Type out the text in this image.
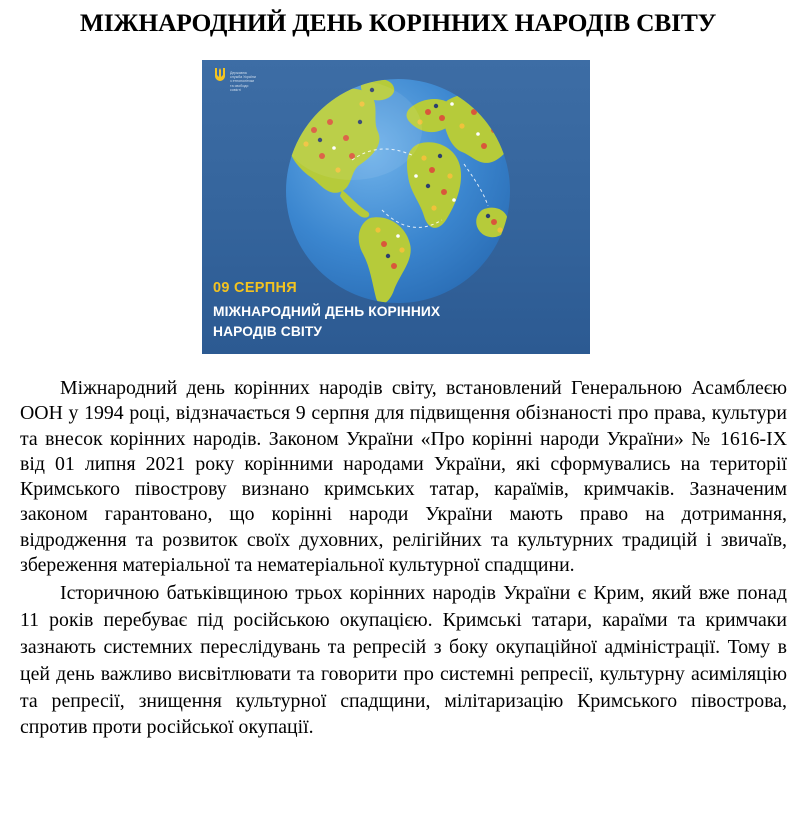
МІЖНАРОДНИЙ ДЕНЬ КОРІННИХ НАРОДІВ СВІТУ
Державна служба України з етнополітики та свободи совісті
09 СЕРПНЯ
МІЖНАРОДНИЙ ДЕНЬ КОРІННИХ
НАРОДІВ СВІТУ

Міжнародний день корінних народів світу, встановлений Генеральною Асамблеєю ООН у 1994 році, відзначається 9 серпня для підвищення обізнаності про права, культури та внесок корінних народів. Законом України «Про корінні народи України» № 1616-IX від 01 липня 2021 року корінними народами України, які сформувались на території Кримського півострову визнано кримських татар, караїмів, кримчаків. Зазначеним законом гарантовано, що корінні народи України мають право на дотримання, відродження та розвиток своїх духовних, релігійних та культурних традицій і звичаїв, збереження матеріальної та нематеріальної культурної спадщини.

Історичною батьківщиною трьох корінних народів України є Крим, який вже понад 11 років перебуває під російською окупацією. Кримські татари, караїми та кримчаки зазнають системних переслідувань та репресій з боку окупаційної адміністрації. Тому в цей день важливо висвітлювати та говорити про системні репресії, культурну асиміляцію та репресії, знищення культурної спадщини, мілітаризацію Кримського півострова, спротив проти російської окупації.
